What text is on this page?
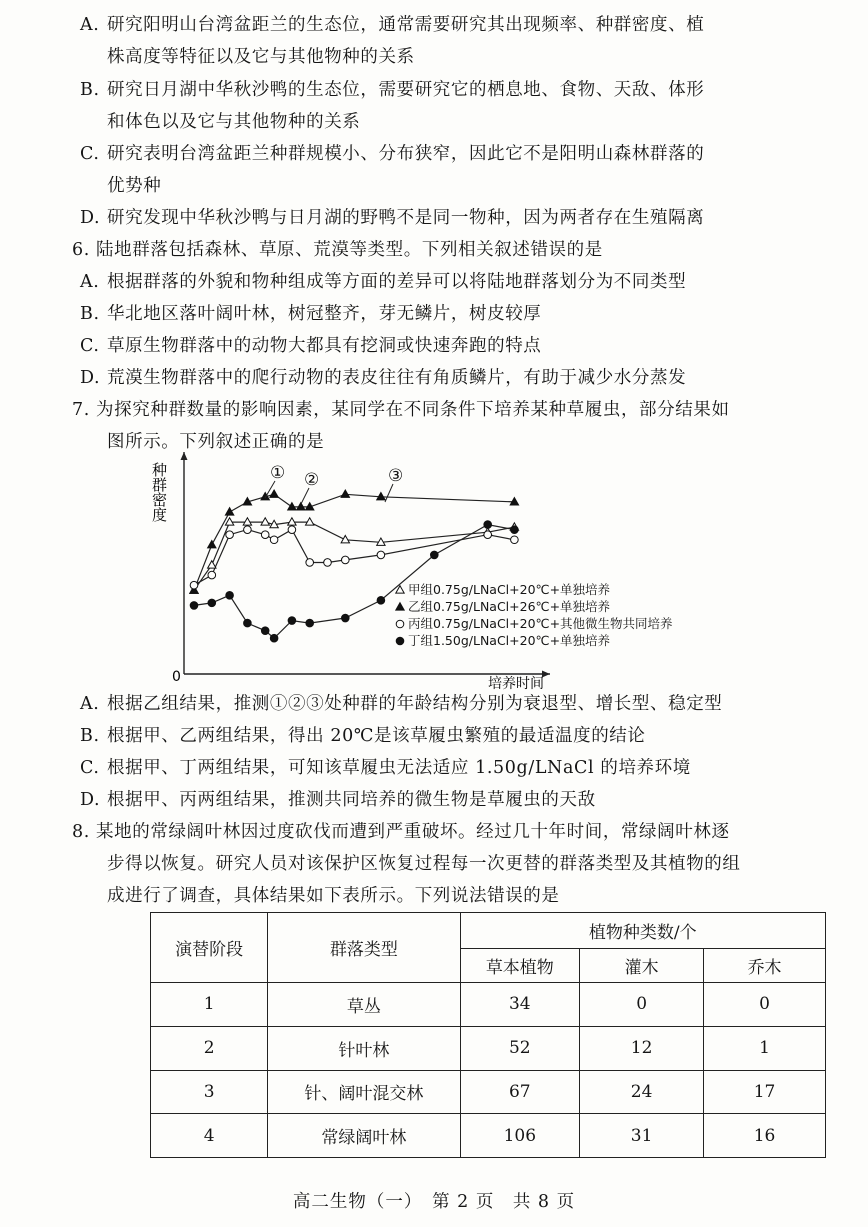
A. 研究阳明山台湾盆距兰的生态位，通常需要研究其出现频率、种群密度、植
株高度等特征以及它与其他物种的关系
B. 研究日月湖中华秋沙鸭的生态位，需要研究它的栖息地、食物、天敌、体形
和体色以及它与其他物种的关系
C. 研究表明台湾盆距兰种群规模小、分布狭窄，因此它不是阳明山森林群落的
优势种
D. 研究发现中华秋沙鸭与日月湖的野鸭不是同一物种，因为两者存在生殖隔离
6. 陆地群落包括森林、草原、荒漠等类型。下列相关叙述错误的是
A. 根据群落的外貌和物种组成等方面的差异可以将陆地群落划分为不同类型
B. 华北地区落叶阔叶林，树冠整齐，芽无鳞片，树皮较厚
C. 草原生物群落中的动物大都具有挖洞或快速奔跑的特点
D. 荒漠生物群落中的爬行动物的表皮往往有角质鳞片，有助于减少水分蒸发
7. 为探究种群数量的影响因素，某同学在不同条件下培养某种草履虫，部分结果如
图所示。下列叙述正确的是
甲组0.75g/LNaCl+20℃+单独培养
乙组0.75g/LNaCl+26℃+单独培养
丙组0.75g/LNaCl+20℃+其他微生物共同培养
丁组1.50g/LNaCl+20℃+单独培养
① ②	③
种群密度
培养时间
0
A. 根据乙组结果，推测①②③处种群的年龄结构分别为衰退型、增长型、稳定型
B. 根据甲、乙两组结果，得出 20℃是该草履虫繁殖的最适温度的结论
C. 根据甲、丁两组结果，可知该草履虫无法适应 1.50g/LNaCl 的培养环境
D. 根据甲、丙两组结果，推测共同培养的微生物是草履虫的天敌
8. 某地的常绿阔叶林因过度砍伐而遭到严重破坏。经过几十年时间，常绿阔叶林逐
步得以恢复。研究人员对该保护区恢复过程每一次更替的群落类型及其植物的组
成进行了调查，具体结果如下表所示。下列说法错误的是
演替阶段	群落类型	植物种类数/个		
		草本植物	灌木	乔木
1	草丛	34	0	0
2	针叶林	52	12	1
3	针、阔叶混交林	67	24	17
4	常绿阔叶林	106	31	16
高二生物（一）　第 2 页　共 8 页
